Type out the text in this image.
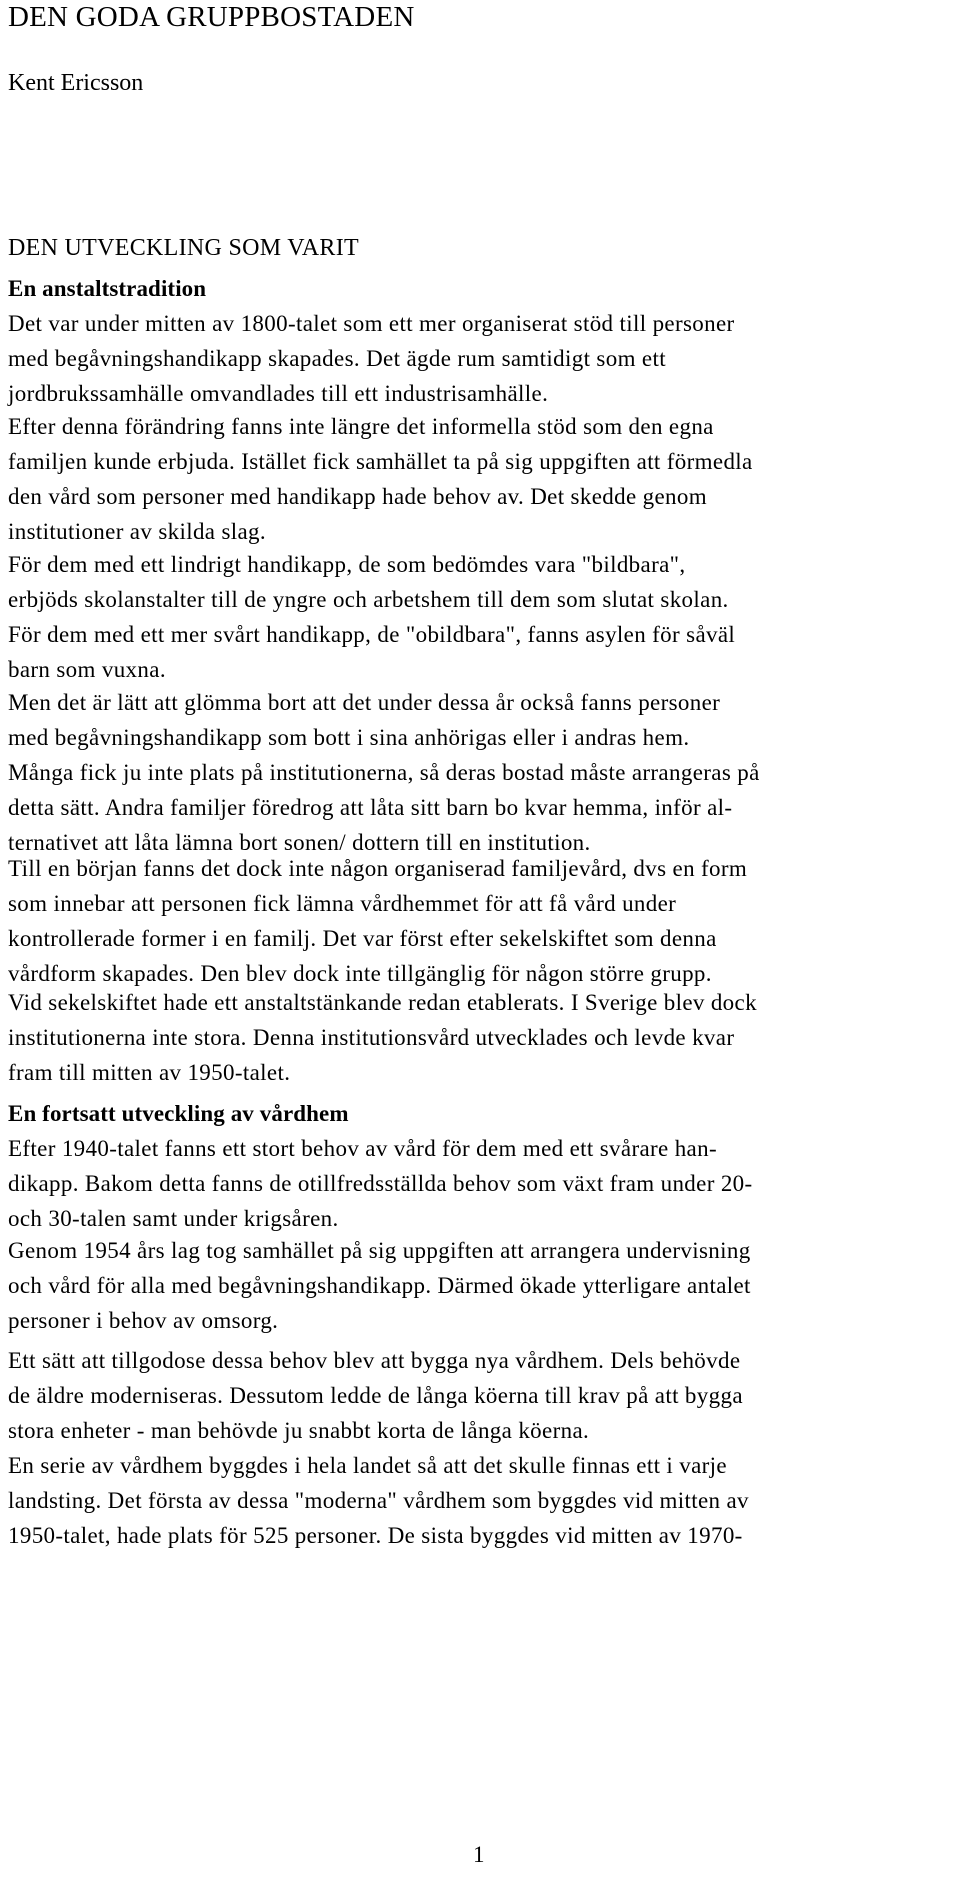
DEN GODA GRUPPBOSTADEN

Kent Ericsson

DEN UTVECKLING SOM VARIT
En anstaltstradition
Det var under mitten av 1800-talet som ett mer organiserat stöd till personer
med begåvningshandikapp skapades. Det ägde rum samtidigt som ett
jordbrukssamhälle omvandlades till ett industrisamhälle.
Efter denna förändring fanns inte längre det informella stöd som den egna
familjen kunde erbjuda. Istället fick samhället ta på sig uppgiften att förmedla
den vård som personer med handikapp hade behov av. Det skedde genom
institutioner av skilda slag.
För dem med ett lindrigt handikapp, de som bedömdes vara "bildbara",
erbjöds skolanstalter till de yngre och arbetshem till dem som slutat skolan.
För dem med ett mer svårt handikapp, de "obildbara", fanns asylen för såväl
barn som vuxna.
Men det är lätt att glömma bort att det under dessa år också fanns personer
med begåvningshandikapp som bott i sina anhörigas eller i andras hem.
Många fick ju inte plats på institutionerna, så deras bostad måste arrangeras på
detta sätt. Andra familjer föredrog att låta sitt barn bo kvar hemma, inför al-
ternativet att låta lämna bort sonen/ dottern till en institution.
Till en början fanns det dock inte någon organiserad familjevård, dvs en form
som innebar att personen fick lämna vårdhemmet för att få vård under
kontrollerade former i en familj. Det var först efter sekelskiftet som denna
vårdform skapades. Den blev dock inte tillgänglig för någon större grupp.
Vid sekelskiftet hade ett anstaltstänkande redan etablerats. I Sverige blev dock
institutionerna inte stora. Denna institutionsvård utvecklades och levde kvar
fram till mitten av 1950-talet.
En fortsatt utveckling av vårdhem
Efter 1940-talet fanns ett stort behov av vård för dem med ett svårare han-
dikapp. Bakom detta fanns de otillfredsställda behov som växt fram under 20-
och 30-talen samt under krigsåren.
Genom 1954 års lag tog samhället på sig uppgiften att arrangera undervisning
och vård för alla med begåvningshandikapp. Därmed ökade ytterligare antalet
personer i behov av omsorg.
Ett sätt att tillgodose dessa behov blev att bygga nya vårdhem. Dels behövde
de äldre moderniseras. Dessutom ledde de långa köerna till krav på att bygga
stora enheter - man behövde ju snabbt korta de långa köerna.
En serie av vårdhem byggdes i hela landet så att det skulle finnas ett i varje
landsting. Det första av dessa "moderna" vårdhem som byggdes vid mitten av
1950-talet, hade plats för 525 personer. De sista byggdes vid mitten av 1970-

1
